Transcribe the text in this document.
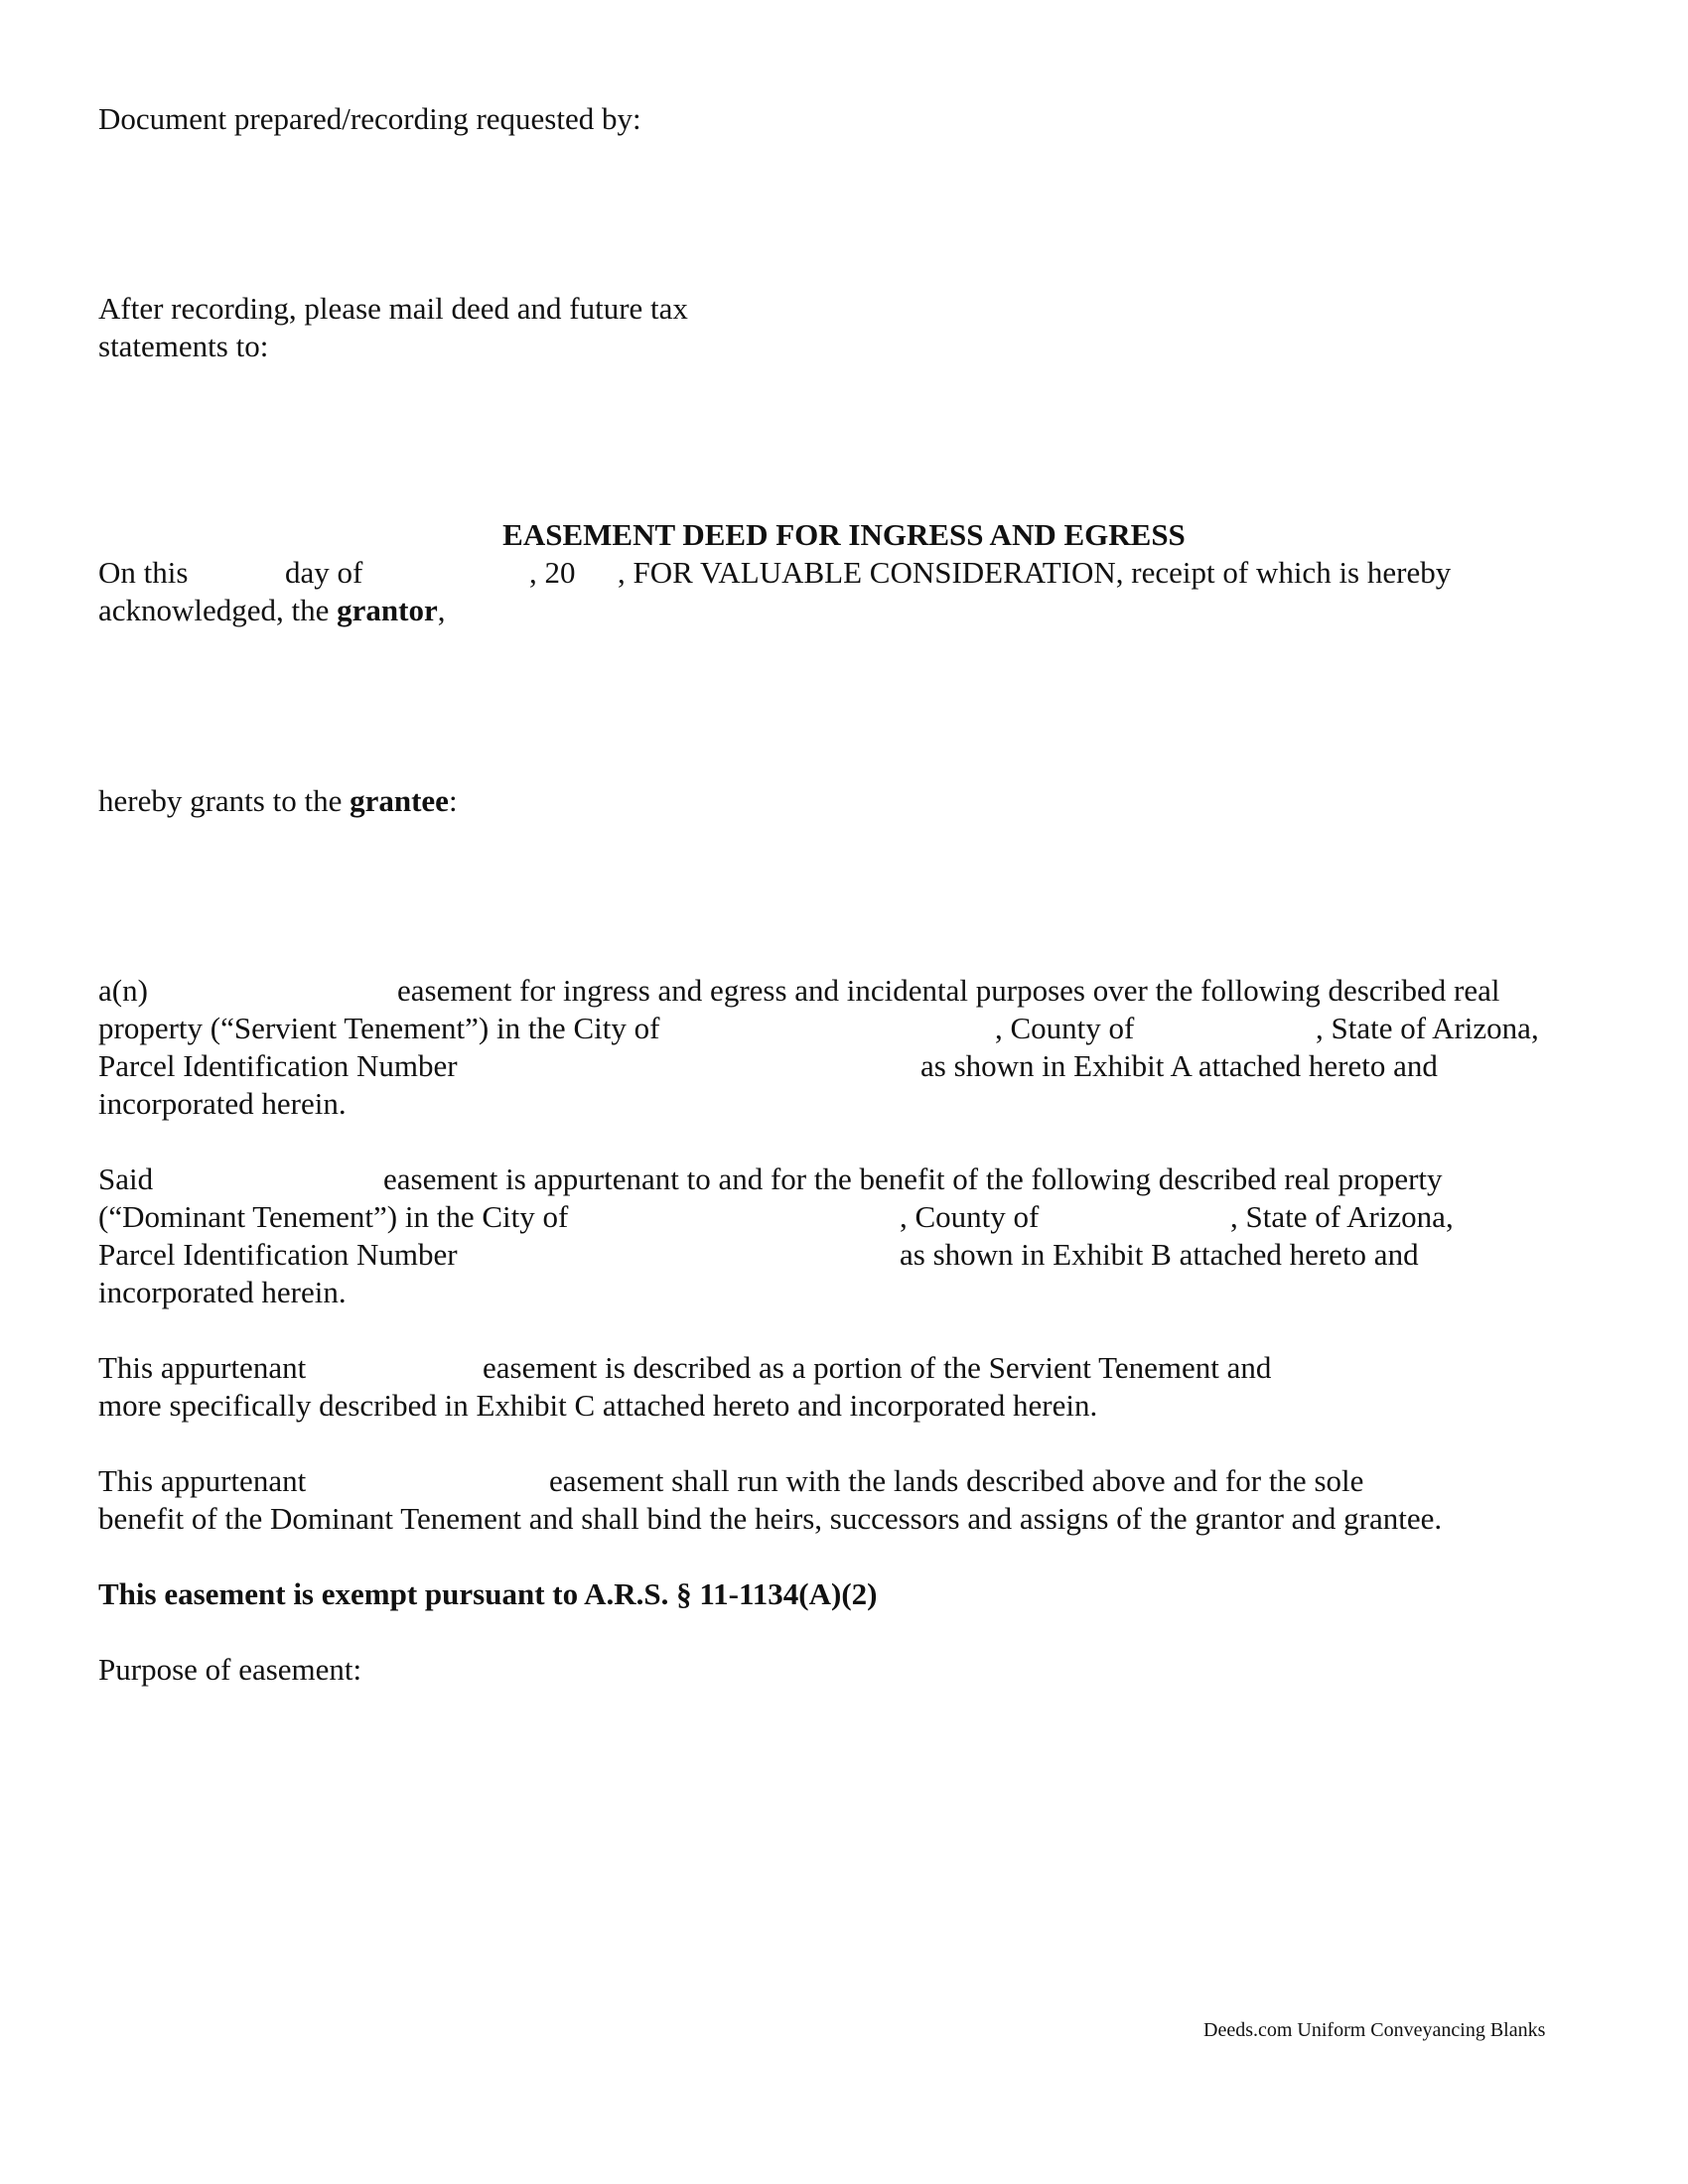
Document prepared/recording requested by:

After recording, please mail deed and future tax

statements to:

EASEMENT DEED FOR INGRESS AND EGRESS

On this	day of	, 20 , FOR VALUABLE CONSIDERATION, receipt of which is hereby

acknowledged, the grantor,

hereby grants to the grantee:

a(n)	easement for ingress and egress and incidental purposes over the following described real
property (“Servient Tenement”) in the City of	, County of	, State of Arizona,
Parcel Identification Number	as shown in Exhibit A attached hereto and
incorporated herein.
Said	easement is appurtenant to and for the benefit of the following described real property
(“Dominant Tenement”) in the City of	, County of	, State of Arizona,
Parcel Identification Number	as shown in Exhibit B attached hereto and
incorporated herein.
This appurtenant	easement is described as a portion of the Servient Tenement and
more specifically described in Exhibit C attached hereto and incorporated herein.
This appurtenant	easement shall run with the lands described above and for the sole
benefit of the Dominant Tenement and shall bind the heirs, successors and assigns of the grantor and grantee.

This easement is exempt pursuant to A.R.S. § 11-1134(A)(2)

Purpose of easement:

Deeds.com Uniform Conveyancing Blanks
